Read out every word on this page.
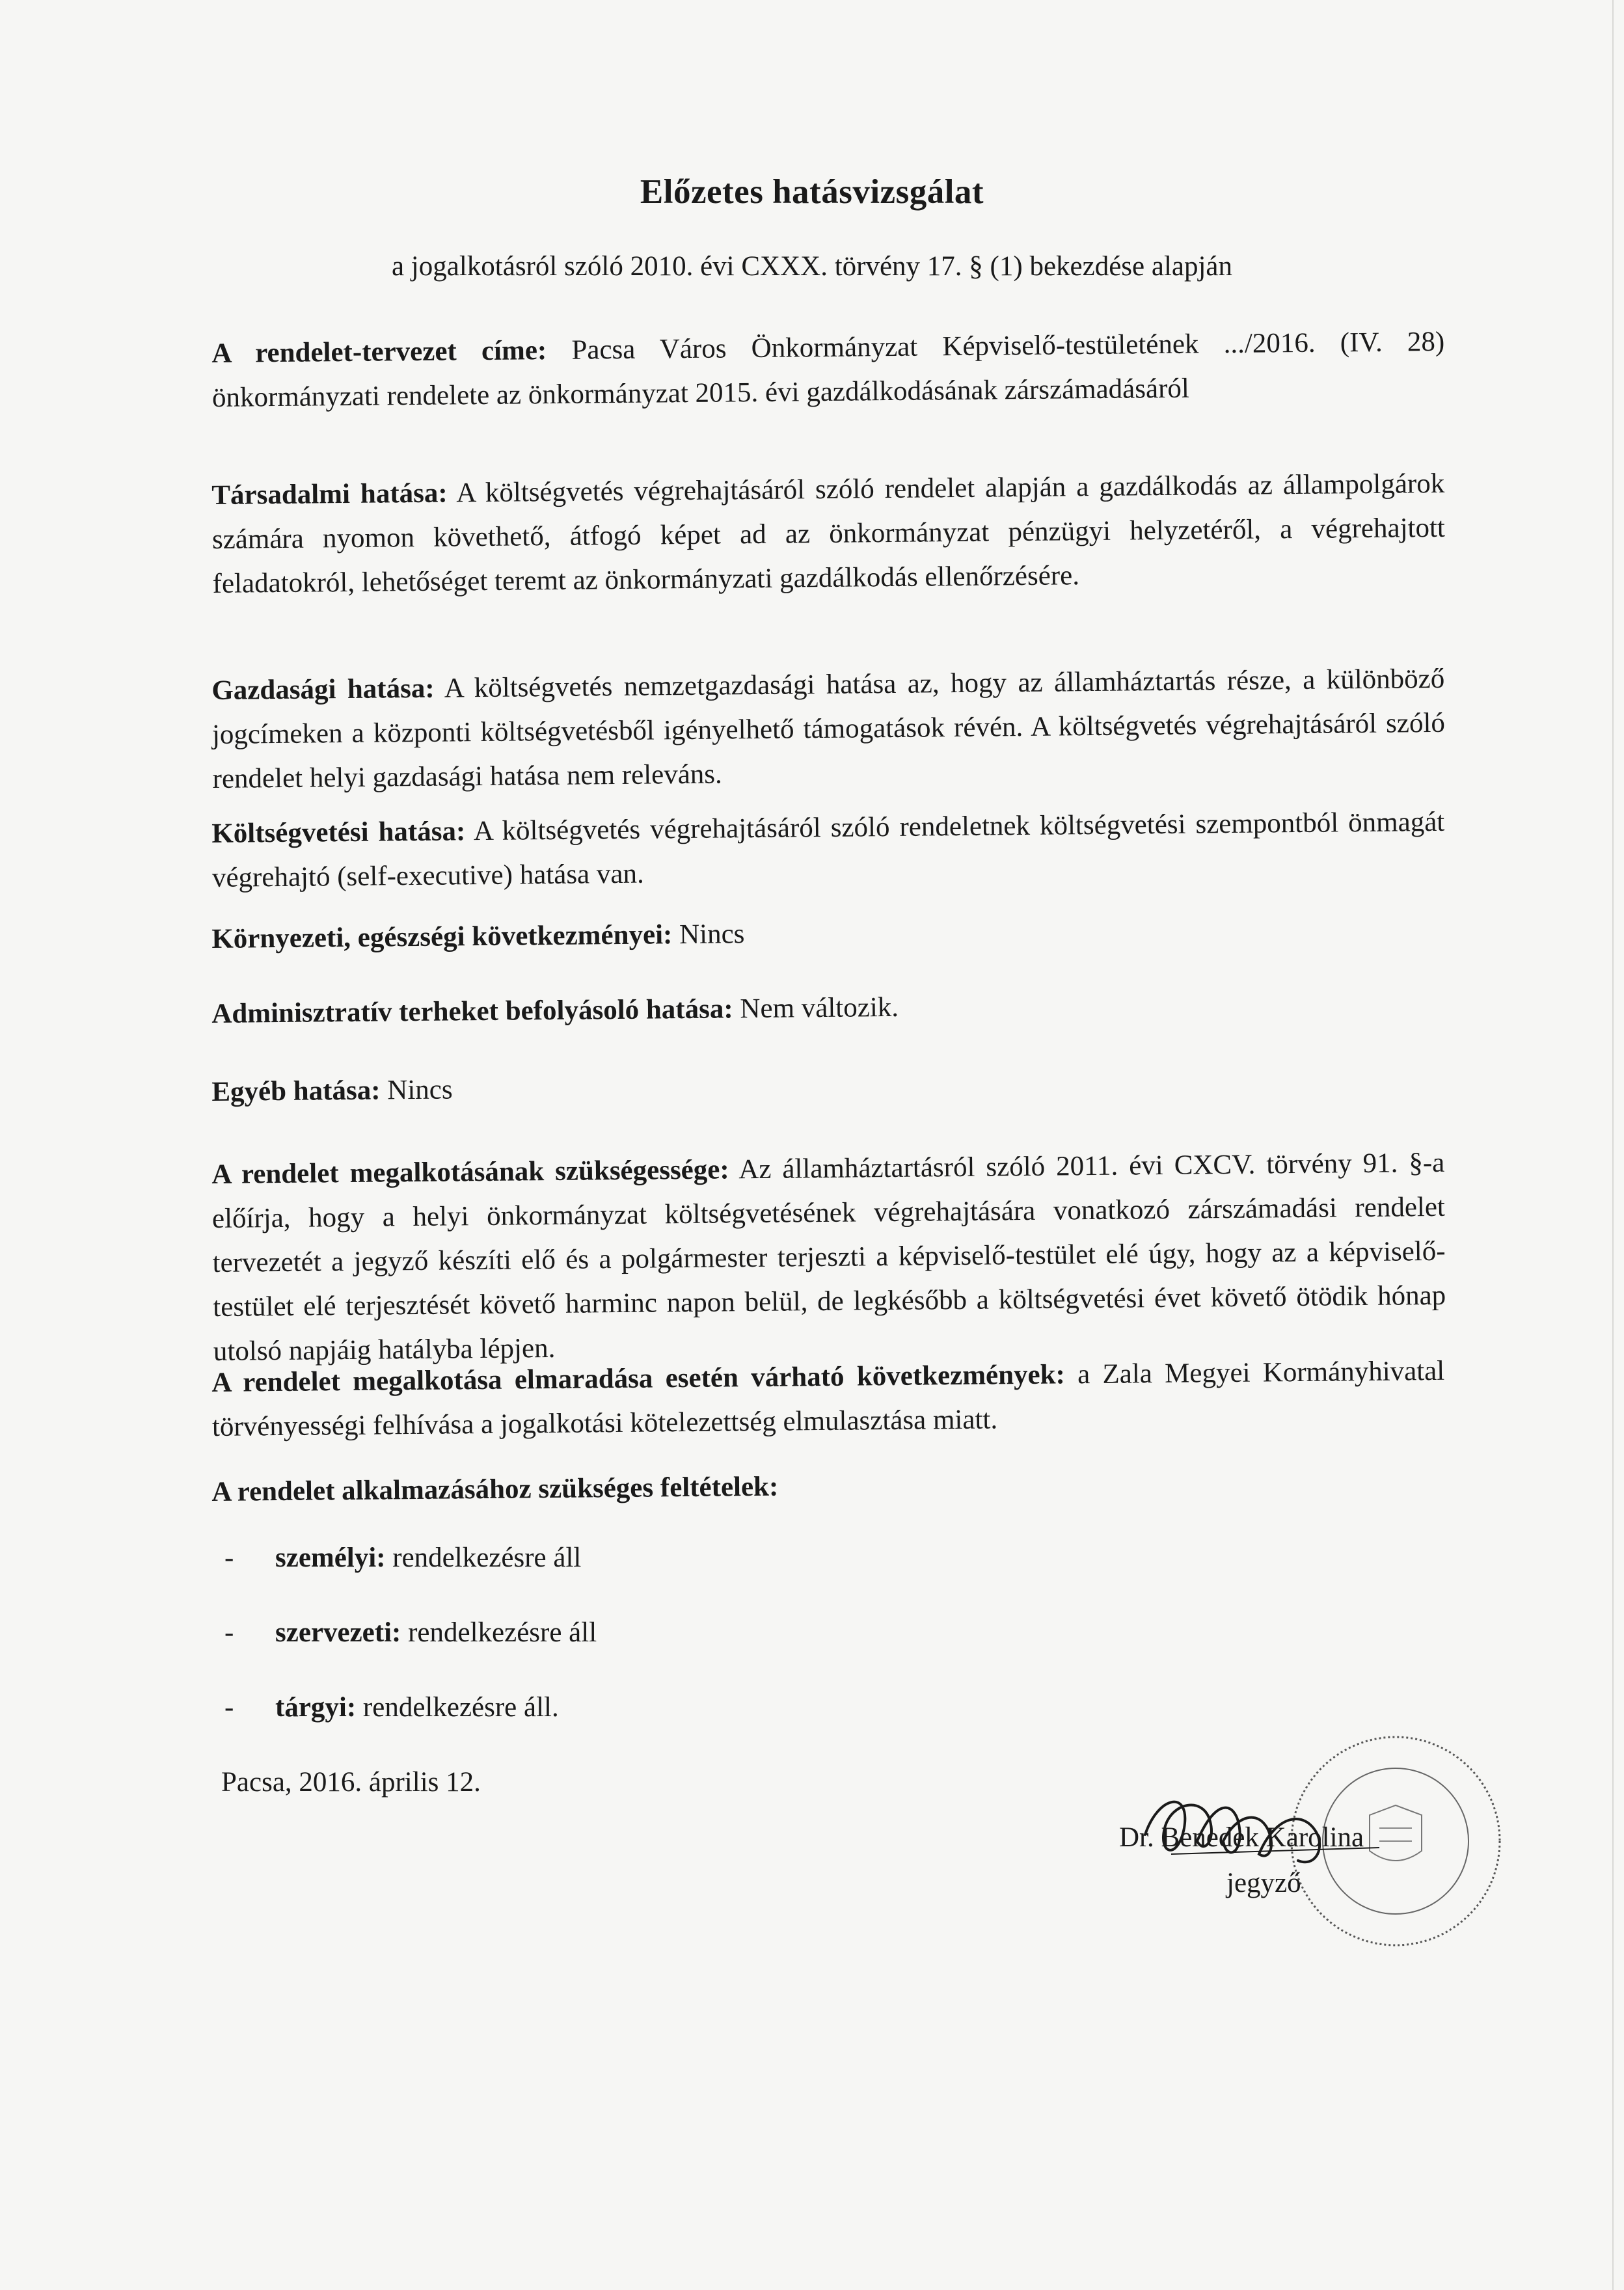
Előzetes hatásvizsgálat
a jogalkotásról szóló 2010. évi CXXX. törvény 17. § (1) bekezdése alapján

A rendelet-tervezet címe: Pacsa Város Önkormányzat Képviselő-testületének .../2016. (IV. 28) önkormányzati rendelete az önkormányzat 2015. évi gazdálkodásának zárszámadásáról

Társadalmi hatása: A költségvetés végrehajtásáról szóló rendelet alapján a gazdálkodás az állampolgárok számára nyomon követhető, átfogó képet ad az önkormányzat pénzügyi helyzetéről, a végrehajtott feladatokról, lehetőséget teremt az önkormányzati gazdálkodás ellenőrzésére.

Gazdasági hatása: A költségvetés nemzetgazdasági hatása az, hogy az államháztartás része, a különböző jogcímeken a központi költségvetésből igényelhető támogatások révén. A költségvetés végrehajtásáról szóló rendelet helyi gazdasági hatása nem releváns.

Költségvetési hatása: A költségvetés végrehajtásáról szóló rendeletnek költségvetési szempontból önmagát végrehajtó (self-executive) hatása van.

Környezeti, egészségi következményei: Nincs

Adminisztratív terheket befolyásoló hatása: Nem változik.

Egyéb hatása: Nincs

A rendelet megalkotásának szükségessége: Az államháztartásról szóló 2011. évi CXCV. törvény 91. §-a előírja, hogy a helyi önkormányzat költségvetésének végrehajtására vonatkozó zárszámadási rendelet tervezetét a jegyző készíti elő és a polgármester terjeszti a képviselő-testület elé úgy, hogy az a képviselő-testület elé terjesztését követő harminc napon belül, de legkésőbb a költségvetési évet követő ötödik hónap utolsó napjáig hatályba lépjen.

A rendelet megalkotása elmaradása esetén várható következmények: a Zala Megyei Kormányhivatal törvényességi felhívása a jogalkotási kötelezettség elmulasztása miatt.

A rendelet alkalmazásához szükséges feltételek:

- személyi: rendelkezésre áll
- szervezeti: rendelkezésre áll
- tárgyi: rendelkezésre áll.
Pacsa, 2016. április 12.
Dr. Benedek Karolina
jegyző
